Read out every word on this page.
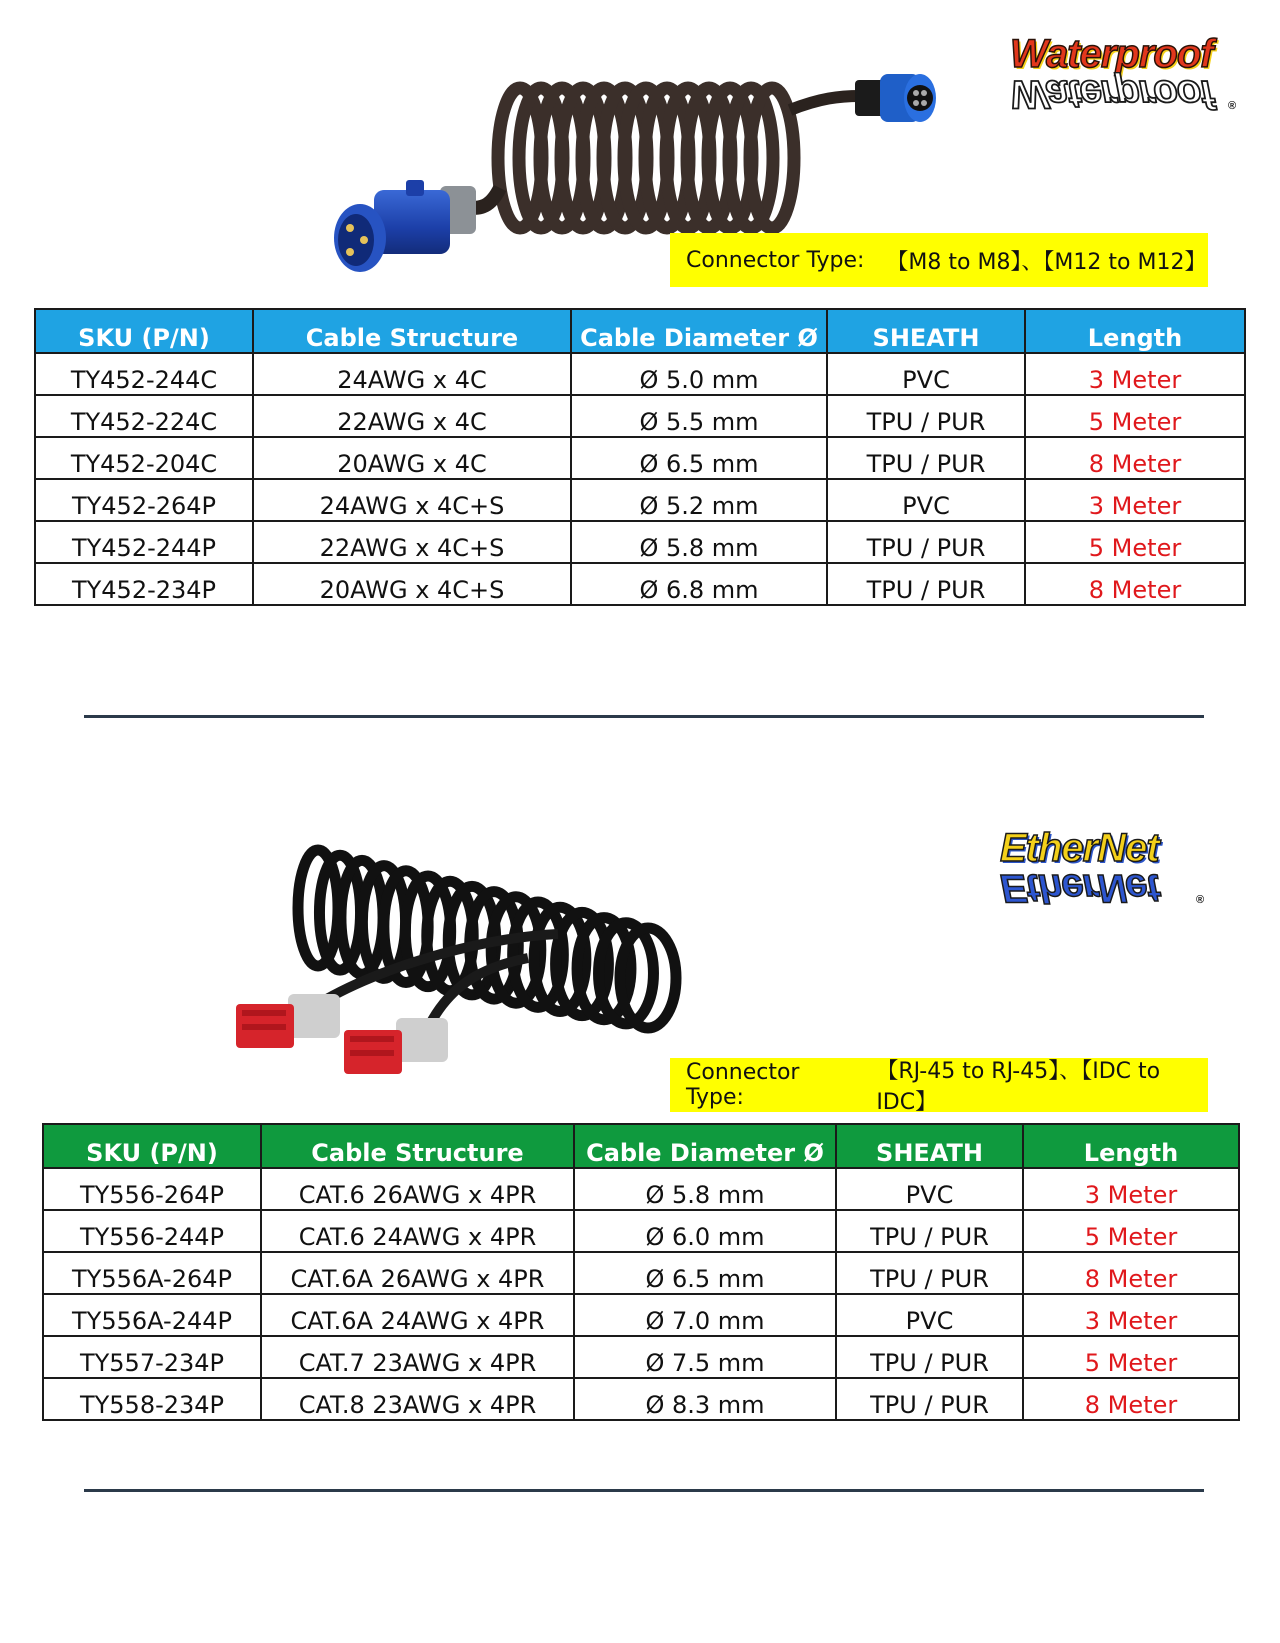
Waterproof
Waterproof ®
Connector Type: 【M8 to M8】、【M12 to M12】
SKU (P/N)	Cable Structure	Cable Diameter Ø	SHEATH	Length
TY452-244C	24AWG x 4C	Ø 5.0 mm	PVC	3 Meter
TY452-224C	22AWG x 4C	Ø 5.5 mm	TPU / PUR	5 Meter
TY452-204C	20AWG x 4C	Ø 6.5 mm	TPU / PUR	8 Meter
TY452-264P	24AWG x 4C+S	Ø 5.2 mm	PVC	3 Meter
TY452-244P	22AWG x 4C+S	Ø 5.8 mm	TPU / PUR	5 Meter
TY452-234P	20AWG x 4C+S	Ø 6.8 mm	TPU / PUR	8 Meter
EtherNet
EtherNet	®
Connector Type:
【RJ-45 to RJ-45】、【IDC to IDC】
SKU (P/N)	Cable Structure	Cable Diameter Ø	SHEATH	Length
TY556-264P	CAT.6 26AWG x 4PR	Ø 5.8 mm	PVC	3 Meter
TY556-244P	CAT.6 24AWG x 4PR	Ø 6.0 mm	TPU / PUR	5 Meter
TY556A-264P	CAT.6A 26AWG x 4PR	Ø 6.5 mm	TPU / PUR	8 Meter
TY556A-244P	CAT.6A 24AWG x 4PR	Ø 7.0 mm	PVC	3 Meter
TY557-234P	CAT.7 23AWG x 4PR	Ø 7.5 mm	TPU / PUR	5 Meter
TY558-234P	CAT.8 23AWG x 4PR	Ø 8.3 mm	TPU / PUR	8 Meter
